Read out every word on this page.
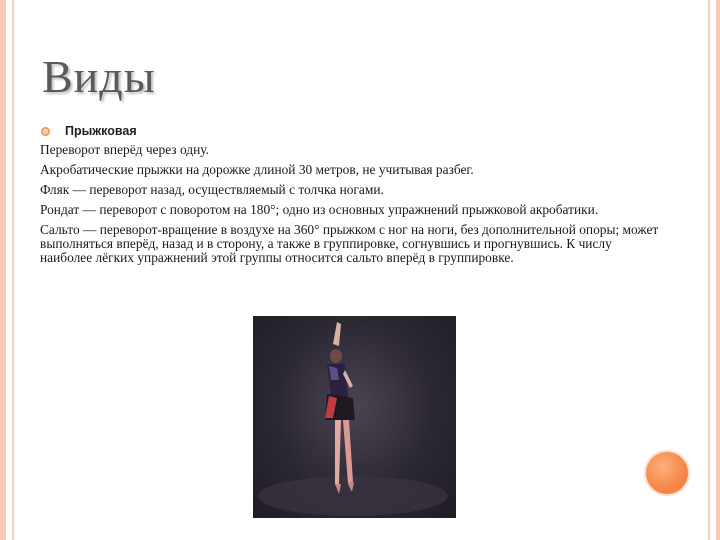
Виды
Прыжковая

Переворот вперёд через одну.

Акробатические прыжки на дорожке длиной 30 метров, не учитывая разбег.

Фляк — переворот назад, осуществляемый с толчка ногами.

Рондат — переворот с поворотом на 180°; одно из основных упражнений прыжковой акробатики.

Сальто — переворот-вращение в воздухе на 360° прыжком с ног на ноги, без дополнительной опоры; может выполняться вперёд, назад и в сторону, а также в группировке, согнувшись и прогнувшись. К числу наиболее лёгких упражнений этой группы относится сальто вперёд в группировке.
